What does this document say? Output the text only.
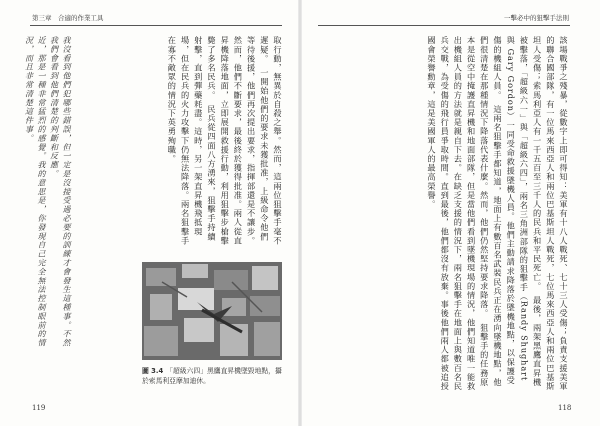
第三章　合適的作業工具

取行動，無異於自殺之舉。然而，這兩位狙擊手毫不遲疑。　一開始他們的要求未獲批准，上級命令他們等待後援，他們再次提出要求，指揮部還是不讓步。然而，他們不斷要求，最後終於獲得批准。兩人從直昇機降落地面，立即展開救援行動，利用狙擊步槍擊斃了多名民兵。　民兵從四面八方湧來，狙擊手持續射擊，直到彈藥耗盡。這時，另一架直昇機飛抵現場，但在民兵的火力攻擊下仍無法降落。兩名狙擊手在寡不敵眾的情況下英勇殉職。

我沒看到他們犯哪些錯誤，但一定是沒接受過必要的訓練才會發生這種事。不然我們會看到他們清楚的判斷和反應。

近，那是一種非常猛烈的感覺。我的意思是，你發現自己完全無法控制眼前的情況，而且非常清楚這件事。

圖 3.4 「超級六四」黑鷹直昇機墜毀地點，攝於索馬利亞摩加迪休。
119
一擊必中的狙擊手法則

該場戰爭之殘暴，從數字上即可得知：美軍有十八人戰死、七十三人受傷；負責支援美軍的聯合國部隊，有一位馬來西亞人和兩位巴基斯坦人戰死，七位馬來西亞人和兩位巴基斯坦人受傷；索馬利亞人有一千五百至三千人的民兵和平民死亡。　最後，兩架黑鷹直昇機被擊落，「超級六一」與「超級六四」，兩名三角洲部隊的狙擊手（Randy Shughart 與 Gary Gordon）一同受命救援墜機人員。他們主動請求降落於墜機地點，以保護受傷的機組人員。　這兩名狙擊手都知道，地面上有數百名武裝民兵正在湧向墜機地點，他們很清楚在那種情況下降落代表什麼。然而，他們仍然堅持要求降落。　狙擊手的任務原本是從空中掩護直昇機和地面部隊，但是當他們看到墜機現場的情況，他們知道唯一能救出機組人員的方法就是親自下去。在缺乏支援的情況下，兩名狙擊手在地面上與數百名民兵交戰，為受傷的飛行員爭取時間。直到最後，他們都沒有放棄。事後他們兩人都被追授國會榮譽勳章，這是美國軍人的最高榮譽。

118
